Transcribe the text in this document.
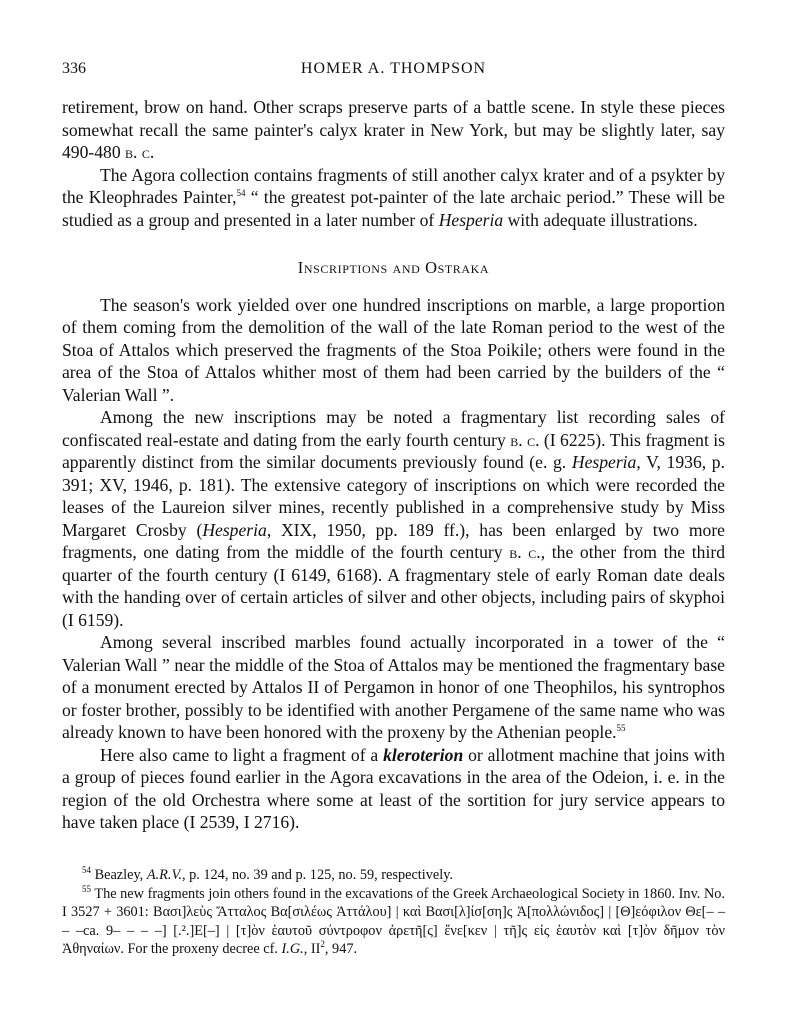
336	HOMER A. THOMPSON

retirement, brow on hand. Other scraps preserve parts of a battle scene. In style these pieces somewhat recall the same painter's calyx krater in New York, but may be slightly later, say 490-480 b. c.

The Agora collection contains fragments of still another calyx krater and of a psykter by the Kleophrades Painter,$^{54}$ “ the greatest pot-painter of the late archaic period.” These will be studied as a group and presented in a later number of Hesperia with adequate illustrations.

Inscriptions and Ostraka

The season's work yielded over one hundred inscriptions on marble, a large proportion of them coming from the demolition of the wall of the late Roman period to the west of the Stoa of Attalos which preserved the fragments of the Stoa Poikile; others were found in the area of the Stoa of Attalos whither most of them had been carried by the builders of the “ Valerian Wall ”.

Among the new inscriptions may be noted a fragmentary list recording sales of confiscated real-estate and dating from the early fourth century b. c. (I 6225). This fragment is apparently distinct from the similar documents previously found (e. g. Hesperia, V, 1936, p. 391; XV, 1946, p. 181). The extensive category of inscriptions on which were recorded the leases of the Laureion silver mines, recently published in a comprehensive study by Miss Margaret Crosby (Hesperia, XIX, 1950, pp. 189 ff.), has been enlarged by two more fragments, one dating from the middle of the fourth century b. c., the other from the third quarter of the fourth century (I 6149, 6168). A fragmentary stele of early Roman date deals with the handing over of certain articles of silver and other objects, including pairs of skyphoi (I 6159).

Among several inscribed marbles found actually incorporated in a tower of the “ Valerian Wall ” near the middle of the Stoa of Attalos may be mentioned the fragmentary base of a monument erected by Attalos II of Pergamon in honor of one Theophilos, his syntrophos or foster brother, possibly to be identified with another Pergamene of the same name who was already known to have been honored with the proxeny by the Athenian people.$^{55}$

Here also came to light a fragment of a kleroterion or allotment machine that joins with a group of pieces found earlier in the Agora excavations in the area of the Odeion, i. e. in the region of the old Orchestra where some at least of the sortition for jury service appears to have taken place (I 2539, I 2716).

$^{54}$ Beazley, A.R.V., p. 124, no. 39 and p. 125, no. 59, respectively.

$^{55}$ The new fragments join others found in the excavations of the Greek Archaeological Society in 1860. Inv. No. I 3527 + 3601: Βασι]λεὺς Ἄτταλος Βα[σιλέως Ἀττάλου] | καὶ Βασι[λ]ίσ[ση]ς Ἀ[πολλώνιδος] | [Θ]εόφιλον Θε[– – – –ca. 9– – – –] [.².]Ε[–] | [τ]ὸν ἑαυτοῦ σύντροφον ἀρετῆ[ς] ἕνε[κεν | τῆ]ς εἰς ἑαυτὸν καὶ [τ]ὸν δῆμον τὸν Ἀθηναίων. For the proxeny decree cf. I.G., $II^2$, 947.
